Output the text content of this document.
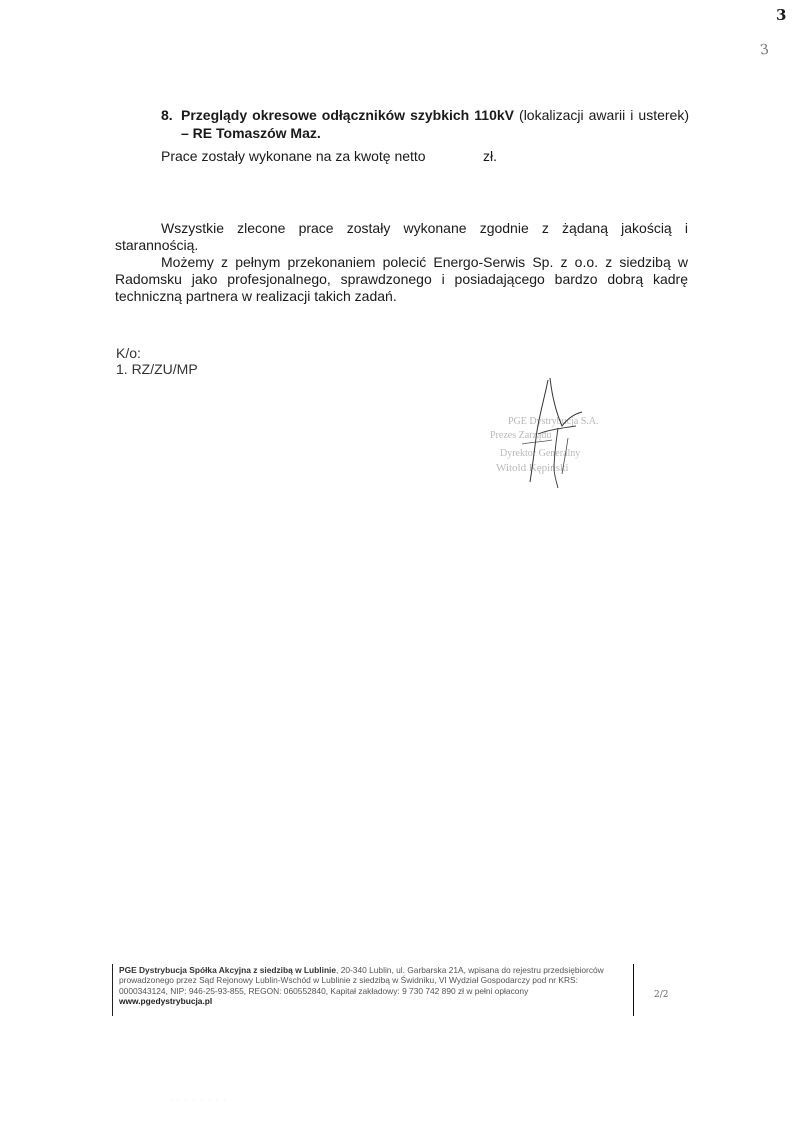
3
3
8. Przeglądy okresowe odłączników szybkich 110kV (lokalizacji awarii i usterek) – RE Tomaszów Maz.
Prace zostały wykonane na za kwotę netto	zł.

Wszystkie zlecone prace zostały wykonane zgodnie z żądaną jakością i starannością.

Możemy z pełnym przekonaniem polecić Energo-Serwis Sp. z o.o. z siedzibą w Radomsku jako profesjonalnego, sprawdzonego i posiadającego bardzo dobrą kadrę techniczną partnera w realizacji takich zadań.

K/o:
1. RZ/ZU/MP
PGE Dystrybucja S.A.
Prezes Zarządu
Dyrektor Generalny
Witold Kępiński
PGE Dystrybucja Spółka Akcyjna z siedzibą w Lublinie, 20-340 Lublin, ul. Garbarska 21A, wpisana do rejestru przedsiębiorców prowadzonego przez Sąd Rejonowy Lublin-Wschód w Lublinie z siedzibą w Świdniku, VI Wydział Gospodarczy pod nr KRS: 0000343124, NIP: 946-25-93-855, REGON: 060552840, Kapitał zakładowy: 9 730 742 890 zł w pełni opłacony
www.pgedystrybucja.pl
2/2
· · · · · · · ·
